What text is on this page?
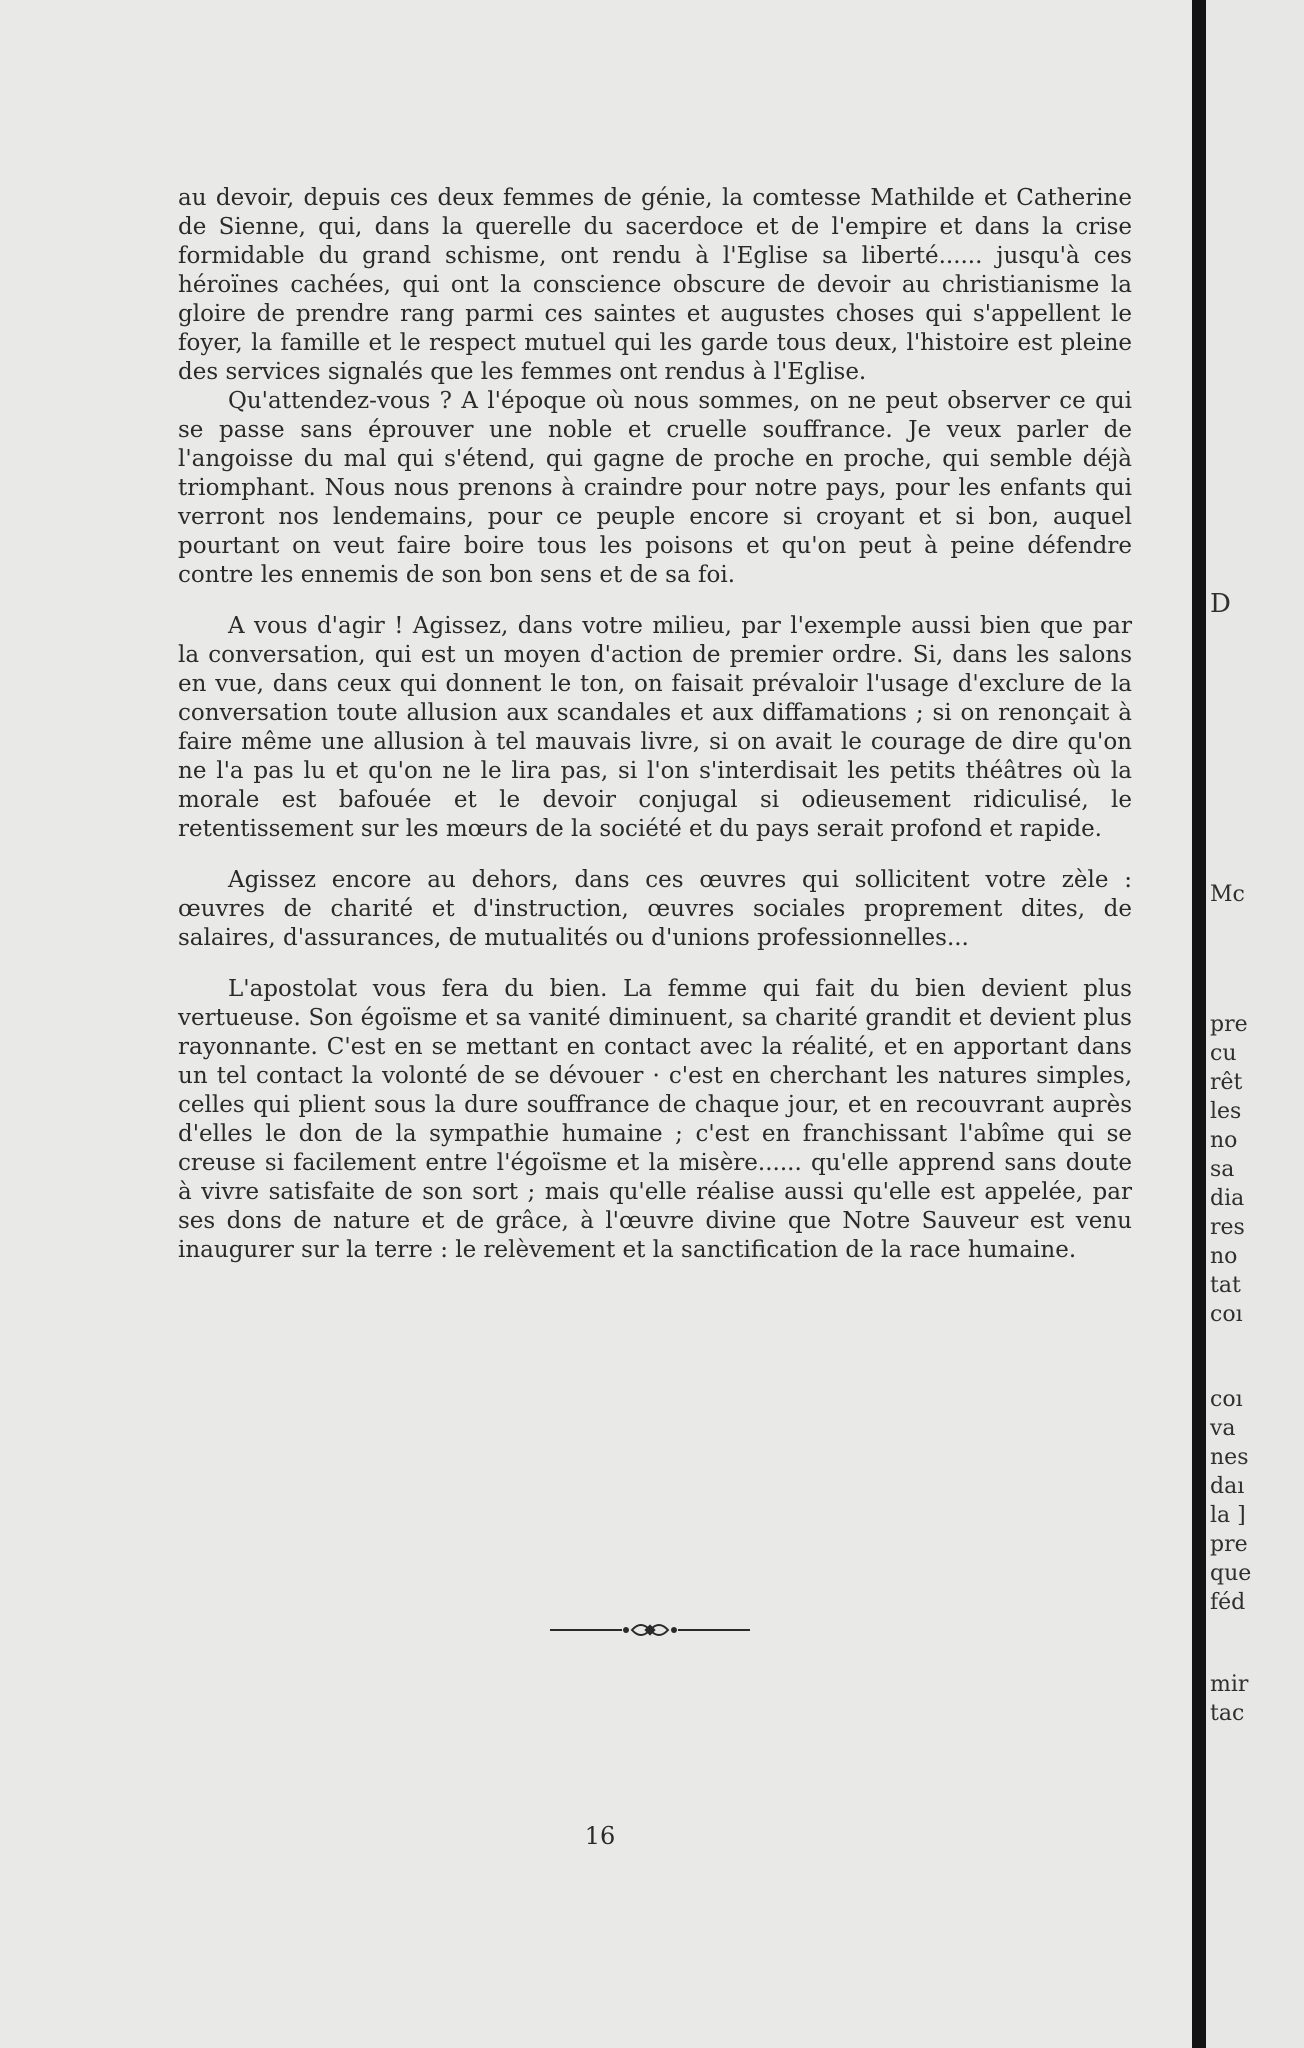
au devoir, depuis ces deux femmes de génie, la comtesse Mathilde et Catherine de Sienne, qui, dans la querelle du sacerdoce et de l'empire et dans la crise formidable du grand schisme, ont rendu à l'Eglise sa liberté...... jusqu'à ces héroïnes cachées, qui ont la conscience obscure de devoir au christianisme la gloire de prendre rang parmi ces saintes et augustes choses qui s'appellent le foyer, la famille et le respect mutuel qui les garde tous deux, l'histoire est pleine des services signalés que les femmes ont rendus à l'Eglise.

Qu'attendez-vous ? A l'époque où nous sommes, on ne peut observer ce qui se passe sans éprouver une noble et cruelle souffrance. Je veux parler de l'angoisse du mal qui s'étend, qui gagne de proche en proche, qui semble déjà triomphant. Nous nous prenons à craindre pour notre pays, pour les enfants qui verront nos lendemains, pour ce peuple encore si croyant et si bon, auquel pourtant on veut faire boire tous les poisons et qu'on peut à peine défendre contre les ennemis de son bon sens et de sa foi.

A vous d'agir ! Agissez, dans votre milieu, par l'exemple aussi bien que par la conversation, qui est un moyen d'action de premier ordre. Si, dans les salons en vue, dans ceux qui donnent le ton, on faisait prévaloir l'usage d'exclure de la conversation toute allusion aux scandales et aux diffamations ; si on renonçait à faire même une allusion à tel mauvais livre, si on avait le courage de dire qu'on ne l'a pas lu et qu'on ne le lira pas, si l'on s'interdisait les petits théâtres où la morale est bafouée et le devoir conjugal si odieusement ridiculisé, le retentissement sur les mœurs de la société et du pays serait profond et rapide.

Agissez encore au dehors, dans ces œuvres qui sollicitent votre zèle : œuvres de charité et d'instruction, œuvres sociales proprement dites, de salaires, d'assurances, de mutualités ou d'unions professionnelles...

L'apostolat vous fera du bien. La femme qui fait du bien devient plus vertueuse. Son égoïsme et sa vanité diminuent, sa charité grandit et devient plus rayonnante. C'est en se mettant en contact avec la réalité, et en apportant dans un tel contact la volonté de se dévouer · c'est en cherchant les natures simples, celles qui plient sous la dure souffrance de chaque jour, et en recouvrant auprès d'elles le don de la sympathie humaine ; c'est en franchissant l'abîme qui se creuse si facilement entre l'égoïsme et la misère...... qu'elle apprend sans doute à vivre satisfaite de son sort ; mais qu'elle réalise aussi qu'elle est appelée, par ses dons de nature et de grâce, à l'œuvre divine que Notre Sauveur est venu inaugurer sur la terre : le relèvement et la sanctification de la race humaine.

16
D
Mc
pre
cu
rêt
les
no
sa
dia
res
no
tat
coı
coı
va
nes
daı
la ]
pre
que
féd
mir
tac
